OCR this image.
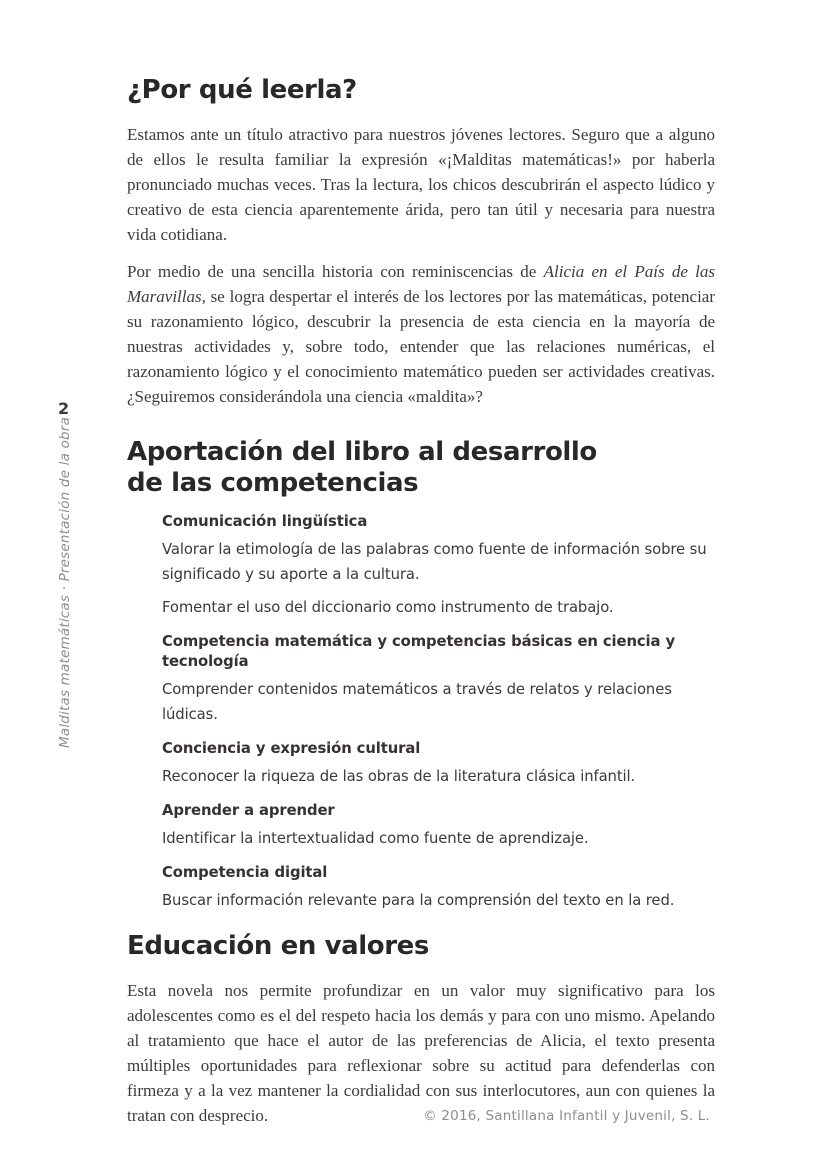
2
Malditas matemáticas · Presentación de la obra
¿Por qué leerla?

Estamos ante un título atractivo para nuestros jóvenes lectores. Seguro que a alguno de ellos le resulta familiar la expresión «¡Malditas matemáticas!» por haberla pronunciado muchas veces. Tras la lectura, los chicos descubrirán el aspecto lúdico y creativo de esta ciencia aparentemente árida, pero tan útil y necesaria para nuestra vida cotidiana.

Por medio de una sencilla historia con reminiscencias de Alicia en el País de las Maravillas, se logra despertar el interés de los lectores por las matemáticas, potenciar su razonamiento lógico, descubrir la presencia de esta ciencia en la mayoría de nuestras actividades y, sobre todo, entender que las relaciones numéricas, el razonamiento lógico y el conocimiento matemático pueden ser actividades creativas. ¿Seguiremos considerándola una ciencia «maldita»?

Aportación del libro al desarrollo
de las competencias
Comunicación lingüística

Valorar la etimología de las palabras como fuente de información sobre su significado y su aporte a la cultura.

Fomentar el uso del diccionario como instrumento de trabajo.

Competencia matemática y competencias básicas en ciencia y tecnología

Comprender contenidos matemáticos a través de relatos y relaciones lúdicas.

Conciencia y expresión cultural

Reconocer la riqueza de las obras de la literatura clásica infantil.

Aprender a aprender

Identificar la intertextualidad como fuente de aprendizaje.

Competencia digital

Buscar información relevante para la comprensión del texto en la red.

Educación en valores

Esta novela nos permite profundizar en un valor muy significativo para los adolescentes como es el del respeto hacia los demás y para con uno mismo. Apelando al tratamiento que hace el autor de las preferencias de Alicia, el texto presenta múltiples oportunidades para reflexionar sobre su actitud para defenderlas con firmeza y a la vez mantener la cordialidad con sus interlocutores, aun con quienes la tratan con desprecio.	© 2016, Santillana Infantil y Juvenil, S. L.
